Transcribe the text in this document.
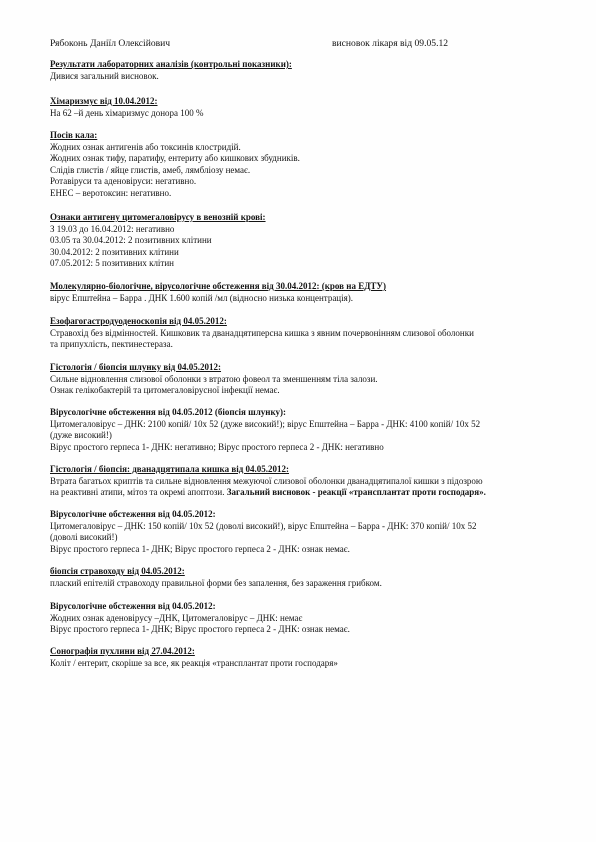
Рябоконь Даніїл Олексійович	висновок лікаря від 09.05.12

Результати лабораторних аналізів (контрольні показники):

Дивися загальний висновок.

Хімаризмус від 10.04.2012:

На 62 –й день хімаризмус донора 100 %

Посів кала:

Жодних ознак антигенів або токсинів клостридій.

Жодних ознак тифу, паратифу, ентериту або кишкових збудників.

Слідів глистів / яйце глистів, амеб, лямбліозу немає.

Ротавіруси та аденовіруси: негативно.

ЕНЕС – веротоксин: негативно.

Ознаки антигену цитомегаловірусу в венозній крові:

З 19.03 до 16.04.2012: негативно

03.05 та 30.04.2012: 2 позитивних клітини

30.04.2012: 2 позитивних клітини

07.05.2012: 5 позитивних клітин

Молекулярно-біологічне, вірусологічне обстеження від 30.04.2012: (кров на ЕДТУ)

вірус Епштейна – Барра . ДНК 1.600 копій /мл (відносно низька концентрація).

Езофагогастродуоденоскопія від 04.05.2012:

Стравохід без відмінностей. Кишковик та дванадцятиперсна кишка з явним почервонінням слизової оболонки

та припухлість, пектинестераза.

Гістологія / біопсія шлунку від 04.05.2012:

Сильне відновлення слизової оболонки з втратою фовеол та зменшенням тіла залози.

Ознак гелікобактерій та цитомегаловірусної інфекції немає.

Вірусологічне обстеження від 04.05.2012 (біопсія шлунку):

Цитомегаловірус – ДНК: 2100 копій/ 10х 52 (дуже високий!); вірус Епштейна – Барра - ДНК: 4100 копій/ 10х 52

(дуже високий!)

Вірус простого герпеса 1- ДНК: негативно; Вірус простого герпеса 2 - ДНК: негативно

Гістологія / біопсія: дванадцятипала кишка від 04.05.2012:

Втрата багатьох криптів та сильне відновлення межуючої слизової оболонки дванадцятипалої кишки з підозрою

на реактивні атипи, мітоз та окремі апоптози. Загальний висновок - реакції «трансплантат проти господаря».

Вірусологічне обстеження від 04.05.2012:

Цитомегаловірус – ДНК: 150 копій/ 10х 52 (доволі високий!), вірус Епштейна – Барра - ДНК: 370 копій/ 10х 52

(доволі високий!)

Вірус простого герпеса 1- ДНК; Вірус простого герпеса 2 - ДНК: ознак немає.

біопсія стравоходу від 04.05.2012:

плаский епітелій стравоходу правильної форми без запалення, без зараження грибком.

Вірусологічне обстеження від 04.05.2012:

Жодних ознак аденовірусу –ДНК, Цитомегаловірус – ДНК: немає

Вірус простого герпеса 1- ДНК; Вірус простого герпеса 2 - ДНК: ознак немає.

Сонографія пухлини від 27.04.2012:

Коліт / ентерит, скоріше за все, як реакція «трансплантат проти господаря»
